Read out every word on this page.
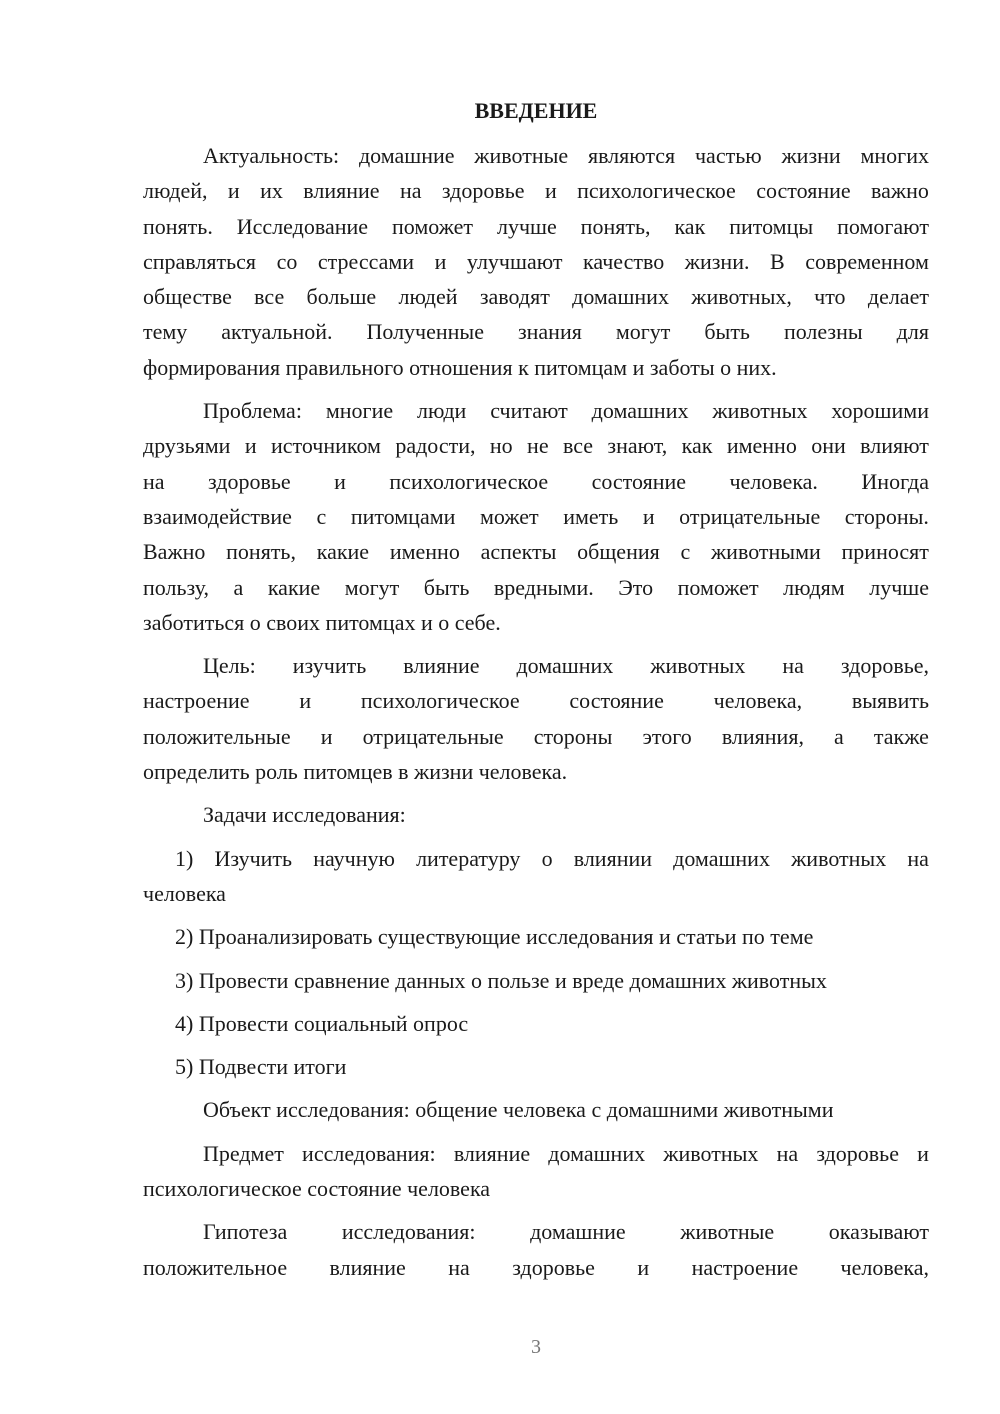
ВВЕДЕНИЕ

Актуальность: домашние животные являются частью жизни многих
людей, и их влияние на здоровье и психологическое состояние важно
понять. Исследование поможет лучше понять, как питомцы помогают
справляться со стрессами и улучшают качество жизни. В современном
обществе все больше людей заводят домашних животных, что делает
тему актуальной. Полученные знания могут быть полезны для
формирования правильного отношения к питомцам и заботы о них.

Проблема: многие люди считают домашних животных хорошими
друзьями и источником радости, но не все знают, как именно они влияют
на здоровье и психологическое состояние человека. Иногда
взаимодействие с питомцами может иметь и отрицательные стороны.
Важно понять, какие именно аспекты общения с животными приносят
пользу, а какие могут быть вредными. Это поможет людям лучше
заботиться о своих питомцах и о себе.

Цель: изучить влияние домашних животных на здоровье,
настроение и психологическое состояние человека, выявить
положительные и отрицательные стороны этого влияния, а также
определить роль питомцев в жизни человека.

Задачи исследования:

1) Изучить научную литературу о влиянии домашних животных на
человека

2) Проанализировать существующие исследования и статьи по теме

3) Провести сравнение данных о пользе и вреде домашних животных

4) Провести социальный опрос

5) Подвести итоги

Объект исследования: общение человека с домашними животными

Предмет исследования: влияние домашних животных на здоровье и
психологическое состояние человека

Гипотеза исследования: домашние животные оказывают
положительное влияние на здоровье и настроение человека,

3
